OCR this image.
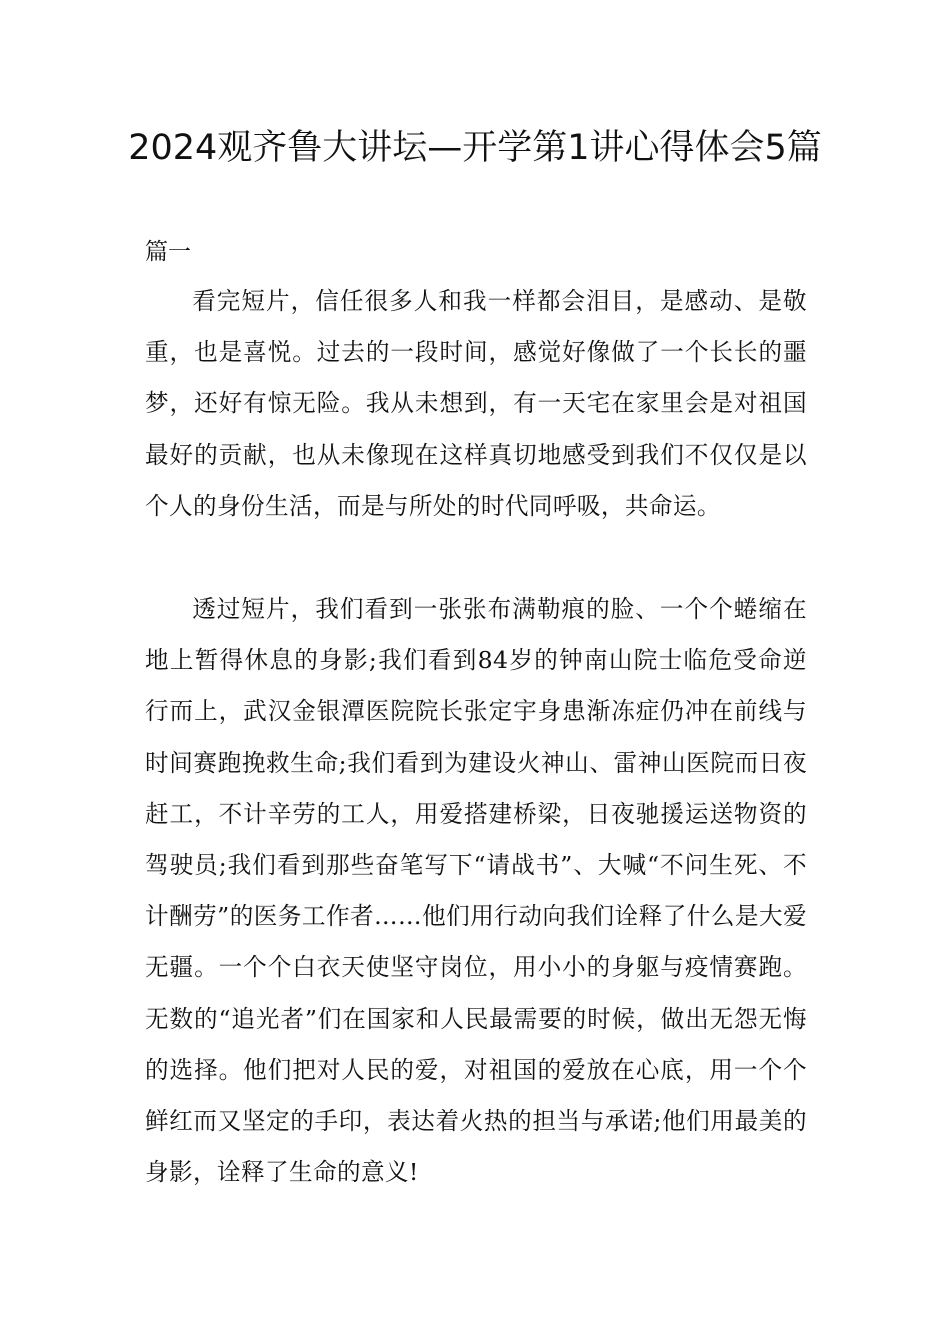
2024观齐鲁大讲坛—开学第1讲心得体会5篇

篇一

看完短片，信任很多人和我一样都会泪目，是感动、是敬重，也是喜悦。过去的一段时间，感觉好像做了一个长长的噩梦，还好有惊无险。我从未想到，有一天宅在家里会是对祖国最好的贡献，也从未像现在这样真切地感受到我们不仅仅是以个人的身份生活，而是与所处的时代同呼吸，共命运。

透过短片，我们看到一张张布满勒痕的脸、一个个蜷缩在地上暂得休息的身影;我们看到84岁的钟南山院士临危受命逆行而上，武汉金银潭医院院长张定宇身患渐冻症仍冲在前线与时间赛跑挽救生命;我们看到为建设火神山、雷神山医院而日夜赶工，不计辛劳的工人，用爱搭建桥梁，日夜驰援运送物资的驾驶员;我们看到那些奋笔写下“请战书”、大喊“不问生死、不计酬劳”的医务工作者……他们用行动向我们诠释了什么是大爱无疆。一个个白衣天使坚守岗位，用小小的身躯与疫情赛跑。无数的“追光者”们在国家和人民最需要的时候，做出无怨无悔的选择。他们把对人民的爱，对祖国的爱放在心底，用一个个鲜红而又坚定的手印，表达着火热的担当与承诺;他们用最美的身影，诠释了生命的意义!
